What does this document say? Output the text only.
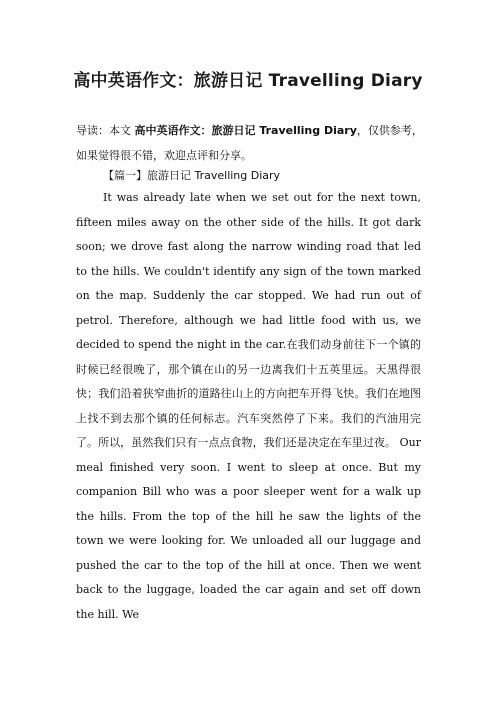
高中英语作文：旅游日记 Travelling Diary
导读：本文 高中英语作文：旅游日记 Travelling Diary，仅供参考，如果觉得很不错，欢迎点评和分享。
【篇一】旅游日记 Travelling Diary
It was already late when we set out for the next town, fifteen miles away on the other side of the hills. It got dark soon; we drove fast along the narrow winding road that led to the hills. We couldn't identify any sign of the town marked on the map. Suddenly the car stopped. We had run out of petrol. Therefore, although we had little food with us, we decided to spend the night in the car.在我们动身前往下一个镇的时候已经很晚了，那个镇在山的另一边离我们十五英里远。天黑得很快；我们沿着狭窄曲折的道路往山上的方向把车开得飞快。我们在地图上找不到去那个镇的任何标志。汽车突然停了下来。我们的汽油用完了。所以，虽然我们只有一点点食物，我们还是决定在车里过夜。 Our meal finished very soon. I went to sleep at once. But my companion Bill who was a poor sleeper went for a walk up the hills. From the top of the hill he saw the lights of the town we were looking for. We unloaded all our luggage and pushed the car to the top of the hill at once. Then we went back to the luggage, loaded the car again and set off down the hill. We
